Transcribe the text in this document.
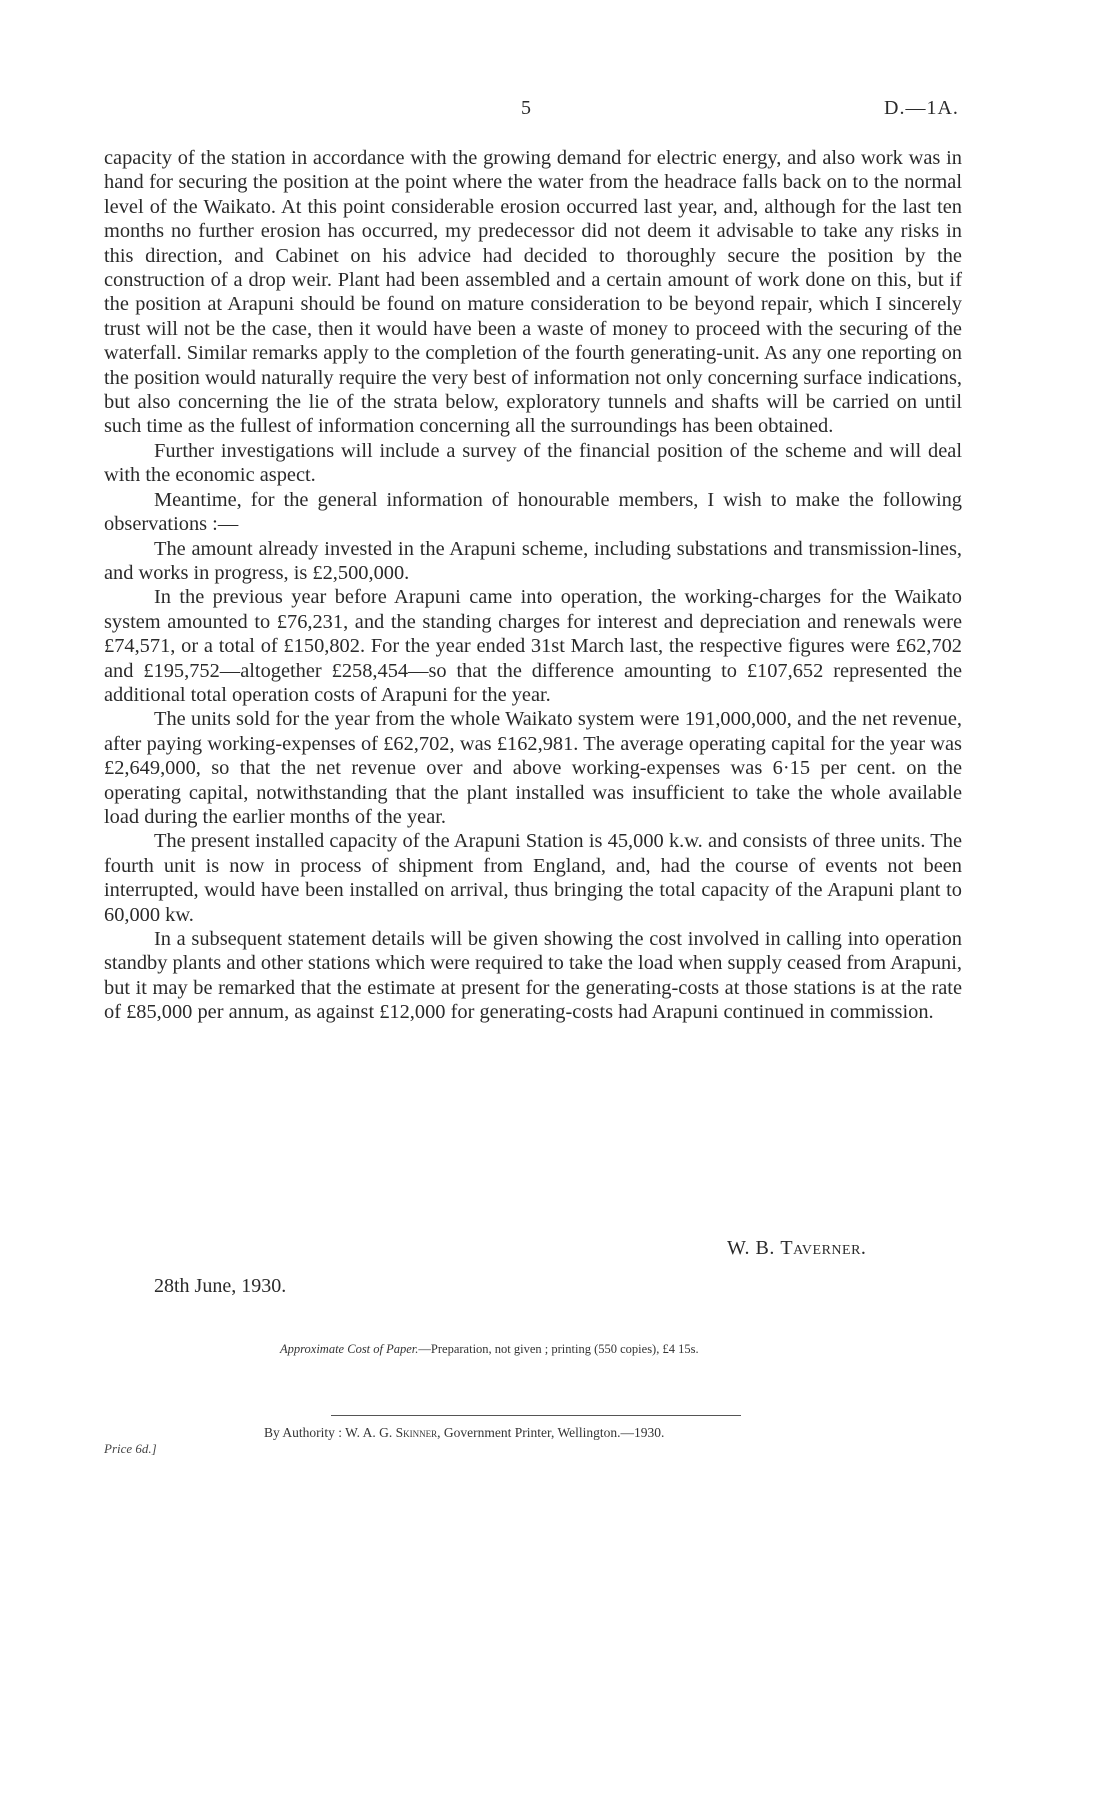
5	D.—1A.

capacity of the station in accordance with the growing demand for electric energy, and also work was in hand for securing the position at the point where the water from the headrace falls back on to the normal level of the Waikato. At this point considerable erosion occurred last year, and, although for the last ten months no further erosion has occurred, my predecessor did not deem it advisable to take any risks in this direction, and Cabinet on his advice had decided to thoroughly secure the position by the construction of a drop weir. Plant had been assembled and a certain amount of work done on this, but if the position at Arapuni should be found on mature consideration to be beyond repair, which I sincerely trust will not be the case, then it would have been a waste of money to proceed with the securing of the waterfall. Similar remarks apply to the completion of the fourth generating-unit. As any one reporting on the position would naturally require the very best of information not only concerning surface indications, but also concerning the lie of the strata below, exploratory tunnels and shafts will be carried on until such time as the fullest of information concerning all the surroundings has been obtained.

Further investigations will include a survey of the financial position of the scheme and will deal with the economic aspect.

Meantime, for the general information of honourable members, I wish to make the following observations :—

The amount already invested in the Arapuni scheme, including substations and transmission-lines, and works in progress, is £2,500,000.

In the previous year before Arapuni came into operation, the working-charges for the Waikato system amounted to £76,231, and the standing charges for interest and depreciation and renewals were £74,571, or a total of £150,802. For the year ended 31st March last, the respective figures were £62,702 and £195,752—altogether £258,454—so that the difference amounting to £107,652 represented the additional total operation costs of Arapuni for the year.

The units sold for the year from the whole Waikato system were 191,000,000, and the net revenue, after paying working-expenses of £62,702, was £162,981. The average operating capital for the year was £2,649,000, so that the net revenue over and above working-expenses was 6·15 per cent. on the operating capital, notwithstanding that the plant installed was insufficient to take the whole available load during the earlier months of the year.

The present installed capacity of the Arapuni Station is 45,000 k.w. and consists of three units. The fourth unit is now in process of shipment from England, and, had the course of events not been interrupted, would have been installed on arrival, thus bringing the total capacity of the Arapuni plant to 60,000 kw.

In a subsequent statement details will be given showing the cost involved in calling into operation standby plants and other stations which were required to take the load when supply ceased from Arapuni, but it may be remarked that the estimate at present for the generating-costs at those stations is at the rate of £85,000 per annum, as against £12,000 for generating-costs had Arapuni continued in commission.

W. B. Taverner.
28th June, 1930.
Approximate Cost of Paper.—Preparation, not given ; printing (550 copies), £4 15s.
By Authority : W. A. G. Skinner, Government Printer, Wellington.—1930.
Price 6d.]
